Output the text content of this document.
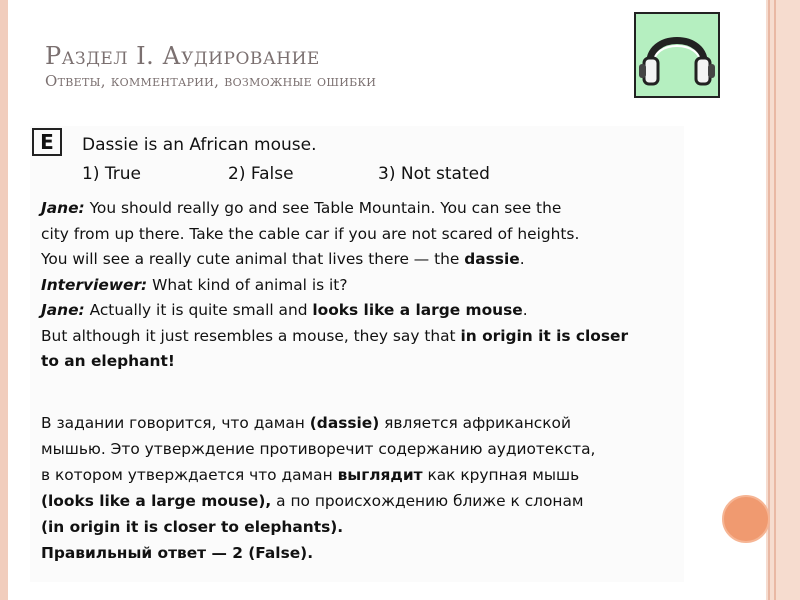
Раздел I. Аудирование
Ответы, комментарии, возможные ошибки
E	Dassie is an African mouse.
1) True	2) False	3) Not stated
Jane: You should really go and see Table Mountain. You can see the
city from up there. Take the cable car if you are not scared of heights.
You will see a really cute animal that lives there — the dassie.
Interviewer: What kind of animal is it?
Jane: Actually it is quite small and looks like a large mouse.
But although it just resembles a mouse, they say that in origin it is closer
to an elephant!
В задании говорится, что даман (dassie) является африканской
мышью. Это утверждение противоречит содержанию аудиотекста,
в котором утверждается что даман выглядит как крупная мышь
(looks like a large mouse), а по происхождению ближе к слонам
(in origin it is closer to elephants).
Правильный ответ — 2 (False).
